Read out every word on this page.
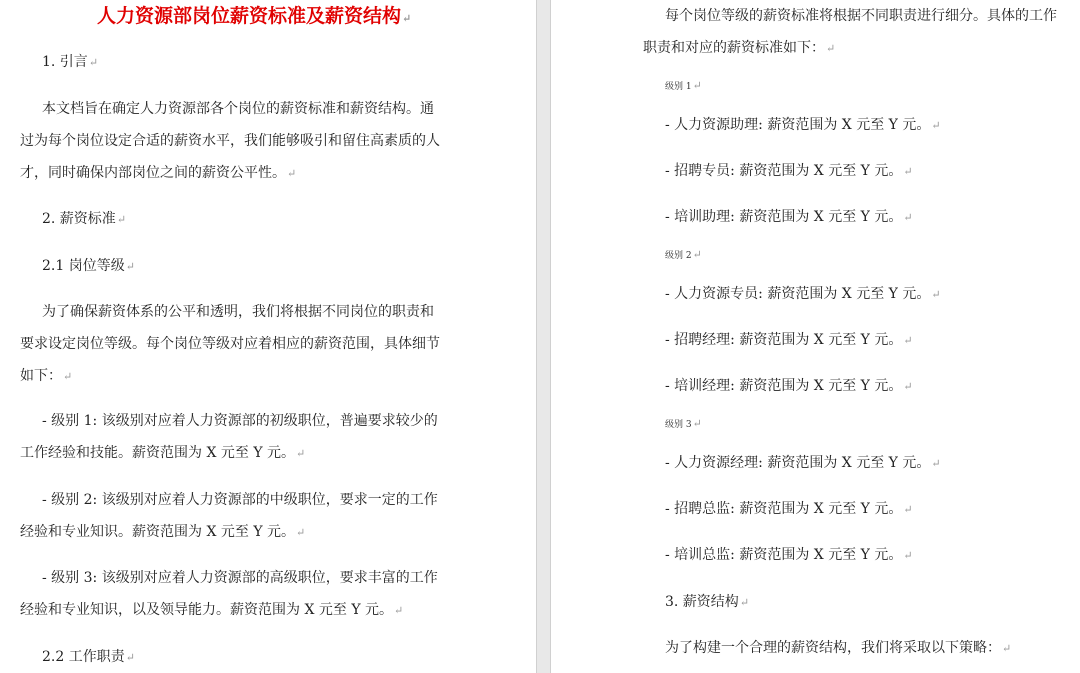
人力资源部岗位薪资标准及薪资结构↵
1. 引言↵
本文档旨在确定人力资源部各个岗位的薪资标准和薪资结构。通
过为每个岗位设定合适的薪资水平，我们能够吸引和留住高素质的人
才，同时确保内部岗位之间的薪资公平性。↵
2. 薪资标准↵
2.1 岗位等级↵
为了确保薪资体系的公平和透明，我们将根据不同岗位的职责和
要求设定岗位等级。每个岗位等级对应着相应的薪资范围，具体细节
如下：↵
- 级别 1: 该级别对应着人力资源部的初级职位，普遍要求较少的
工作经验和技能。薪资范围为 X 元至 Y 元。↵
- 级别 2: 该级别对应着人力资源部的中级职位，要求一定的工作
经验和专业知识。薪资范围为 X 元至 Y 元。↵
- 级别 3: 该级别对应着人力资源部的高级职位，要求丰富的工作
经验和专业知识，以及领导能力。薪资范围为 X 元至 Y 元。↵
2.2 工作职责↵
每个岗位等级的薪资标准将根据不同职责进行细分。具体的工作
职责和对应的薪资标准如下：↵
级别 1↵
- 人力资源助理: 薪资范围为 X 元至 Y 元。↵
- 招聘专员: 薪资范围为 X 元至 Y 元。↵
- 培训助理: 薪资范围为 X 元至 Y 元。↵
级别 2↵
- 人力资源专员: 薪资范围为 X 元至 Y 元。↵
- 招聘经理: 薪资范围为 X 元至 Y 元。↵
- 培训经理: 薪资范围为 X 元至 Y 元。↵
级别 3↵
- 人力资源经理: 薪资范围为 X 元至 Y 元。↵
- 招聘总监: 薪资范围为 X 元至 Y 元。↵
- 培训总监: 薪资范围为 X 元至 Y 元。↵
3. 薪资结构↵
为了构建一个合理的薪资结构，我们将采取以下策略：↵
